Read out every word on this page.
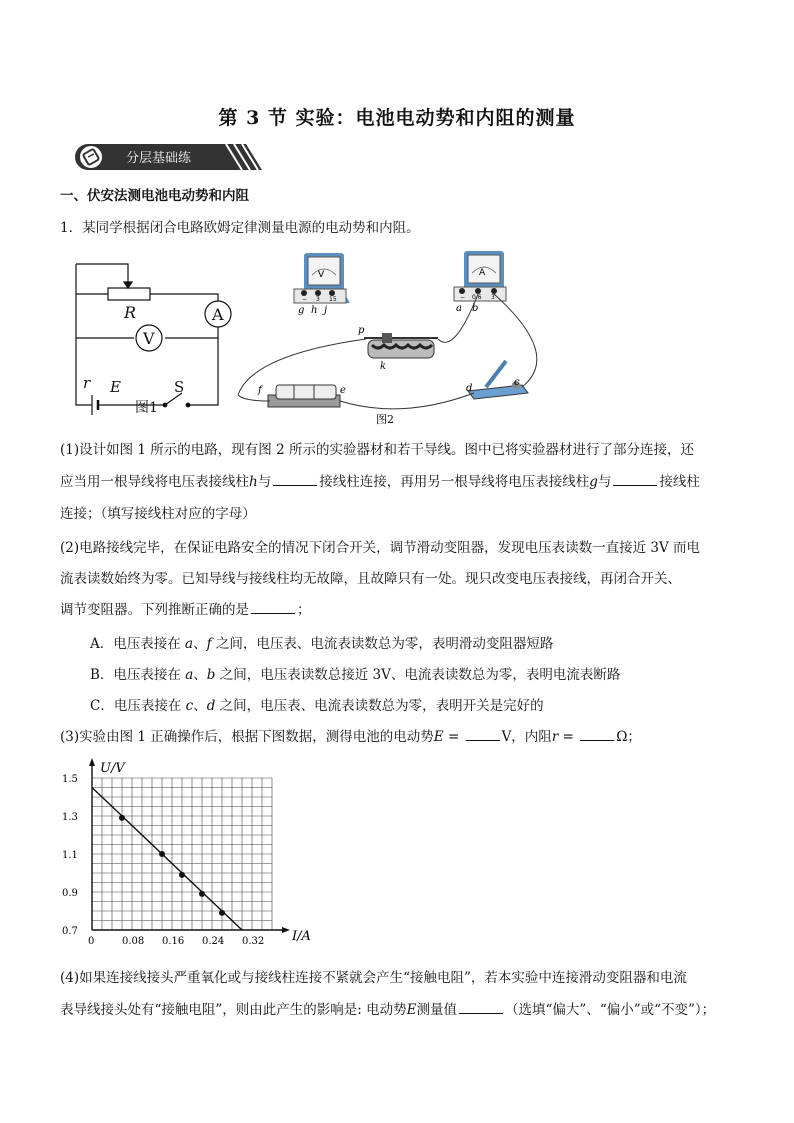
第 3 节 实验：电池电动势和内阻的测量
分层基础练
一、伏安法测电池电动势和内阻
1．某同学根据闭合电路欧姆定律测量电源的电动势和内阻。
R	A
V
r E	S
图1
V
− 3 15
g h j
A
− 0.6 3
a b
p
k
f	e	d
c
图2
(1)设计如图 1 所示的电路，现有图 2 所示的实验器材和若干导线。图中已将实验器材进行了部分连接，还
应当用一根导线将电压表接线柱h与	接线柱连接，再用另一根导线将电压表接线柱g与	接线柱
连接；（填写接线柱对应的字母）
(2)电路接线完毕，在保证电路安全的情况下闭合开关，调节滑动变阻器，发现电压表读数一直接近 3V 而电
流表读数始终为零。已知导线与接线柱均无故障，且故障只有一处。现只改变电压表接线，再闭合开关、
调节变阻器。下列推断正确的是	；
A．电压表接在 a、f 之间，电压表、电流表读数总为零，表明滑动变阻器短路
B．电压表接在 a、b 之间，电压表读数总接近 3V、电流表读数总为零，表明电流表断路
C．电压表接在 c、d 之间，电压表、电流表读数总为零，表明开关是完好的
(3)实验由图 1 正确操作后，根据下图数据，测得电池的电动势E =	V，内阻r =	Ω；
0	0.08 0.16 0.24 0.32
0.7
0.9
1.1
1.3
1.5
I/A
U/V
(4)如果连接线接头严重氧化或与接线柱连接不紧就会产生“接触电阻”，若本实验中连接滑动变阻器和电流
表导线接头处有“接触电阻”，则由此产生的影响是: 电动势E测量值	（选填“偏大”、“偏小”或“不变”）；
